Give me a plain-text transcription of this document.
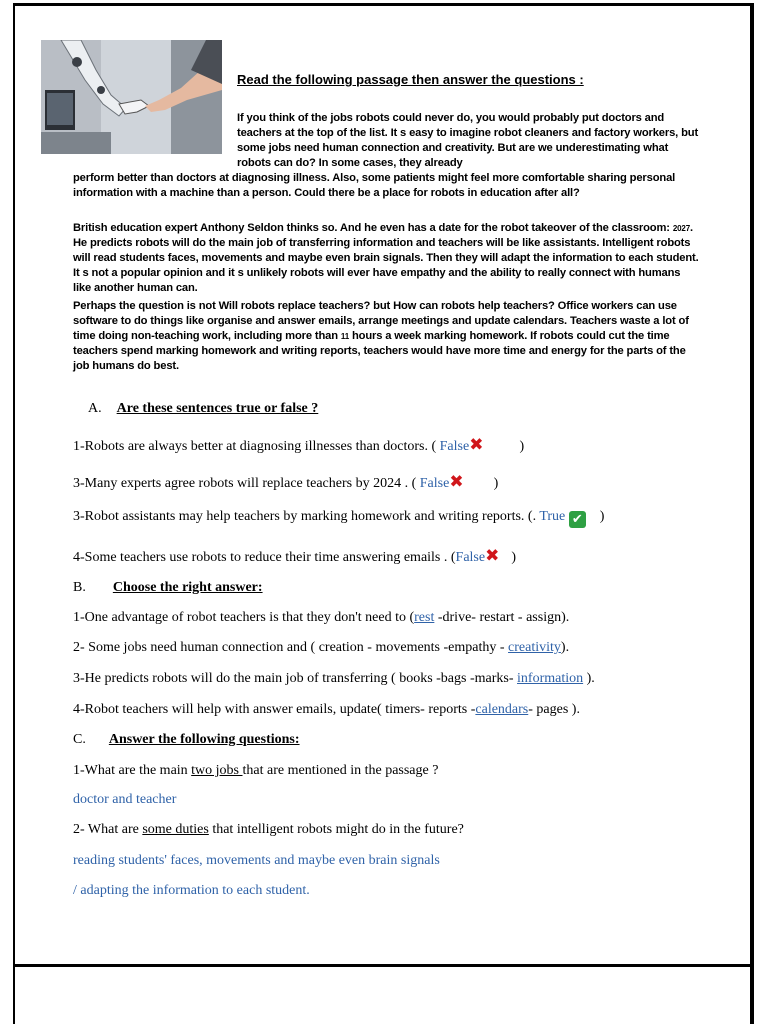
Read the following passage then answer the questions :

If you think of the jobs robots could never do, you would probably put doctors and teachers at the top of the list. It s easy to imagine robot cleaners and factory workers, but some jobs need human connection and creativity. But are we underestimating what robots can do? In some cases, they already

perform better than doctors at diagnosing illness. Also, some patients might feel more comfortable sharing personal information with a machine than a person. Could there be a place for robots in education after all?

British education expert Anthony Seldon thinks so. And he even has a date for the robot takeover of the classroom: 2027. He predicts robots will do the main job of transferring information and teachers will be like assistants. Intelligent robots will read students faces, movements and maybe even brain signals. Then they will adapt the information to each student. It s not a popular opinion and it s unlikely robots will ever have empathy and the ability to really connect with humans like another human can.

Perhaps the question is not Will robots replace teachers? but How can robots help teachers? Office workers can use software to do things like organise and answer emails, arrange meetings and update calendars. Teachers waste a lot of time doing non-teaching work, including more than 11 hours a week marking homework. If robots could cut the time teachers spend marking homework and writing reports, teachers would have more time and energy for the parts of the job humans do best.

A. Are these sentences true or false ?
1-Robots are always better at diagnosing illnesses than doctors. ( False✖	)
3-Many experts agree robots will replace teachers by 2024 . ( False✖ )
3-Robot assistants may help teachers by marking homework and writing reports. (. True ✔ )
4-Some teachers use robots to reduce their time answering emails . (False✖ )
B. Choose the right answer:
1-One advantage of robot teachers is that they don't need to (rest -drive- restart - assign).
2- Some jobs need human connection and ( creation - movements -empathy - creativity).
3-He predicts robots will do the main job of transferring ( books -bags -marks- information ).
4-Robot teachers will help with answer emails, update( timers- reports -calendars- pages ).
C. Answer the following questions:
1-What are the main two jobs that are mentioned in the passage ?
doctor and teacher
2- What are some duties that intelligent robots might do in the future?
reading students' faces, movements and maybe even brain signals
/ adapting the information to each student.
